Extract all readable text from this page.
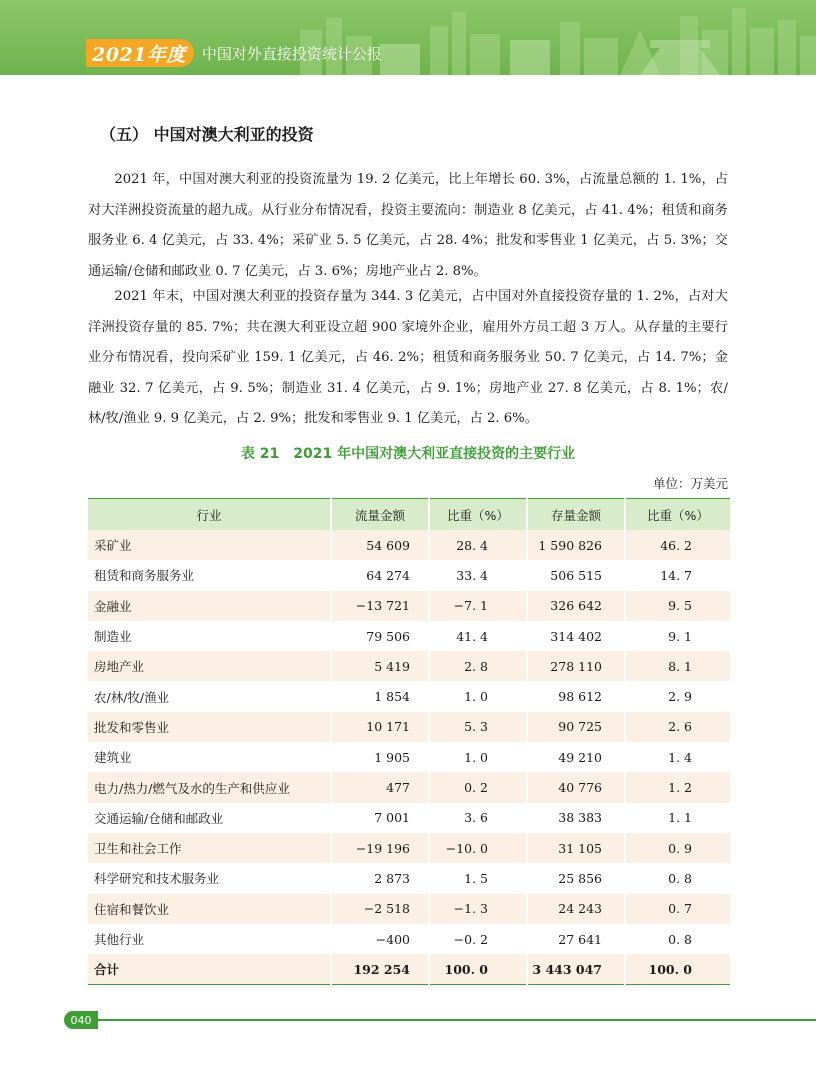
2021年度	中国对外直接投资统计公报
（五） 中国对澳大利亚的投资

2021 年，中国对澳大利亚的投资流量为 19. 2 亿美元，比上年增长 60. 3%，占流量总额的 1. 1%，占对大洋洲投资流量的超九成。从行业分布情况看，投资主要流向：制造业 8 亿美元，占 41. 4%；租赁和商务服务业 6. 4 亿美元，占 33. 4%；采矿业 5. 5 亿美元，占 28. 4%；批发和零售业 1 亿美元，占 5. 3%；交通运输/仓储和邮政业 0. 7 亿美元，占 3. 6%；房地产业占 2. 8%。

2021 年末，中国对澳大利亚的投资存量为 344. 3 亿美元，占中国对外直接投资存量的 1. 2%，占对大洋洲投资存量的 85. 7%；共在澳大利亚设立超 900 家境外企业，雇用外方员工超 3 万人。从存量的主要行业分布情况看，投向采矿业 159. 1 亿美元，占 46. 2%；租赁和商务服务业 50. 7 亿美元，占 14. 7%；金融业 32. 7 亿美元，占 9. 5%；制造业 31. 4 亿美元，占 9. 1%；房地产业 27. 8 亿美元，占 8. 1%；农/林/牧/渔业 9. 9 亿美元，占 2. 9%；批发和零售业 9. 1 亿美元，占 2. 6%。

表 21　2021 年中国对澳大利亚直接投资的主要行业

单位：万美元
行业	流量金额	比重（%）	存量金额	比重（%）
采矿业	54 609	28. 4	1 590 826	46. 2
租赁和商务服务业	64 274	33. 4	506 515	14. 7
金融业	−13 721	−7. 1	326 642	9. 5
制造业	79 506	41. 4	314 402	9. 1
房地产业	5 419	2. 8	278 110	8. 1
农/林/牧/渔业	1 854	1. 0	98 612	2. 9
批发和零售业	10 171	5. 3	90 725	2. 6
建筑业	1 905	1. 0	49 210	1. 4
电力/热力/燃气及水的生产和供应业	477	0. 2	40 776	1. 2
交通运输/仓储和邮政业	7 001	3. 6	38 383	1. 1
卫生和社会工作	−19 196	−10. 0	31 105	0. 9
科学研究和技术服务业	2 873	1. 5	25 856	0. 8
住宿和餐饮业	−2 518	−1. 3	24 243	0. 7
其他行业	−400	−0. 2	27 641	0. 8
合计	192 254	100. 0	3 443 047	100. 0
040
